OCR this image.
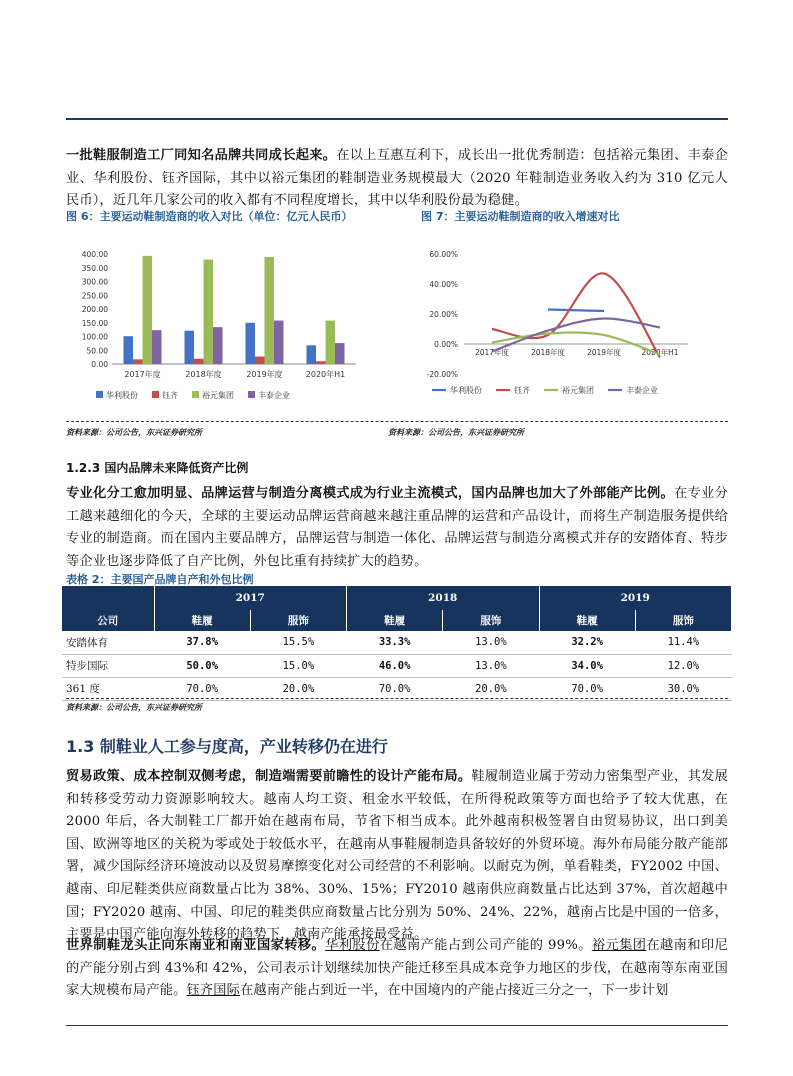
一批鞋服制造工厂同知名品牌共同成长起来。在以上互惠互利下，成长出一批优秀制造：包括裕元集团、丰泰企业、华利股份、钰齐国际，其中以裕元集团的鞋制造业务规模最大（2020 年鞋制造业务收入约为 310 亿元人民币），近几年几家公司的收入都有不同程度增长，其中以华利股份最为稳健。
图 6：主要运动鞋制造商的收入对比（单位：亿元人民币）	图 7：主要运动鞋制造商的收入增速对比
0.00
50.00
100.00
150.00
200.00
250.00
300.00
350.00
400.00
2017年度	2018年度	2019年度	2020年H1
华利股份	钰齐	裕元集团	丰泰企业
-20.00%
0.00%
20.00%
40.00%
60.00%
2017年度	2018年度	2019年度	2020年H1
华利股份	钰齐	裕元集团	丰泰企业
资料来源：公司公告，东兴证券研究所	资料来源：公司公告，东兴证券研究所
1.2.3 国内品牌未来降低资产比例
专业化分工愈加明显、品牌运营与制造分离模式成为行业主流模式，国内品牌也加大了外部能产比例。在专业分工越来越细化的今天，全球的主要运动品牌运营商越来越注重品牌的运营和产品设计，而将生产制造服务提供给专业的制造商。而在国内主要品牌方，品牌运营与制造一体化、品牌运营与制造分离模式并存的安踏体育、特步等企业也逐步降低了自产比例，外包比重有持续扩大的趋势。
表格 2：主要国产品牌自产和外包比例
	2017		2018		2019	
公司	鞋履	服饰	鞋履	服饰	鞋履	服饰
安踏体育	37.8%	15.5%	33.3%	13.0%	32.2%	11.4%
特步国际	50.0%	15.0%	46.0%	13.0%	34.0%	12.0%
361 度	70.0%	20.0%	70.0%	20.0%	70.0%	30.0%
资料来源：公司公告，东兴证券研究所
1.3 制鞋业人工参与度高，产业转移仍在进行
贸易政策、成本控制双侧考虑，制造端需要前瞻性的设计产能布局。鞋履制造业属于劳动力密集型产业，其发展和转移受劳动力资源影响较大。越南人均工资、租金水平较低，在所得税政策等方面也给予了较大优惠，在 2000 年后，各大制鞋工厂都开始在越南布局，节省下相当成本。此外越南积极签署自由贸易协议，出口到美国、欧洲等地区的关税为零或处于较低水平，在越南从事鞋履制造具备较好的外贸环境。海外布局能分散产能部署，减少国际经济环境波动以及贸易摩擦变化对公司经营的不利影响。以耐克为例，单看鞋类，FY2002 中国、越南、印尼鞋类供应商数量占比为 38%、30%、15%；FY2010 越南供应商数量占比达到 37%，首次超越中国；FY2020 越南、中国、印尼的鞋类供应商数量占比分别为 50%、24%、22%，越南占比是中国的一倍多，主要是中国产能向海外转移的趋势下，越南产能承接最受益。
世界制鞋龙头正向东南亚和南亚国家转移。华利股份在越南产能占到公司产能的 99%。裕元集团在越南和印尼的产能分别占到 43%和 42%，公司表示计划继续加快产能迁移至具成本竞争力地区的步伐，在越南等东南亚国家大规模布局产能。钰齐国际在越南产能占到近一半，在中国境内的产能占接近三分之一，下一步计划
